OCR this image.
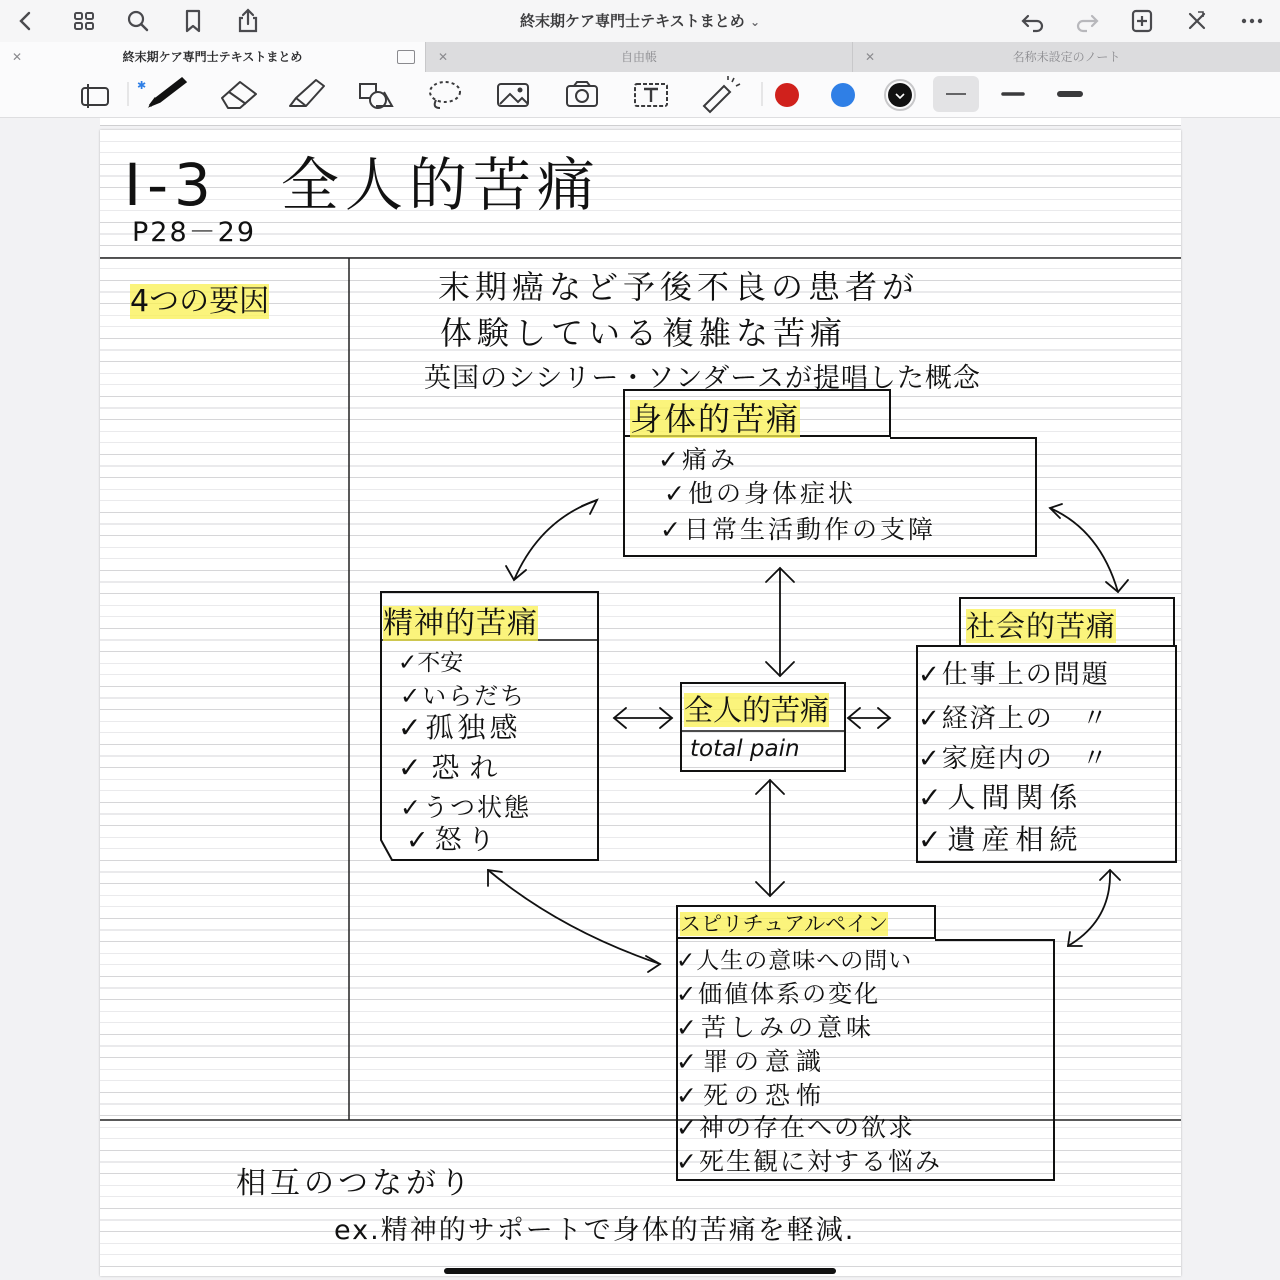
終末期ケア専門士テキストまとめ ⌄
✕	終末期ケア専門士テキストまとめ	✕	自由帳	✕	名称未設定のノート
✱
I-3　全人的苦痛
P28－29
4つの要因	末期癌など予後不良の患者が
体験している複雑な苦痛
英国のシシリー・ソンダースが提唱した概念
身体的苦痛
✓痛み
✓他の身体症状
✓日常生活動作の支障
精神的苦痛
✓不安
✓いらだち
✓孤独感
✓恐れ
✓うつ状態
✓怒り
社会的苦痛
✓仕事上の問題
✓経済上の　〃
✓家庭内の　〃
✓人間関係
✓遺産相続
全人的苦痛
total pain
スピリチュアルペイン
✓人生の意味への問い
✓価値体系の変化
✓苦しみの意味
✓罪の意識
✓死の恐怖
✓神の存在への欲求
✓死生観に対する悩み
相互のつながり
ex.精神的サポートで身体的苦痛を軽減.
